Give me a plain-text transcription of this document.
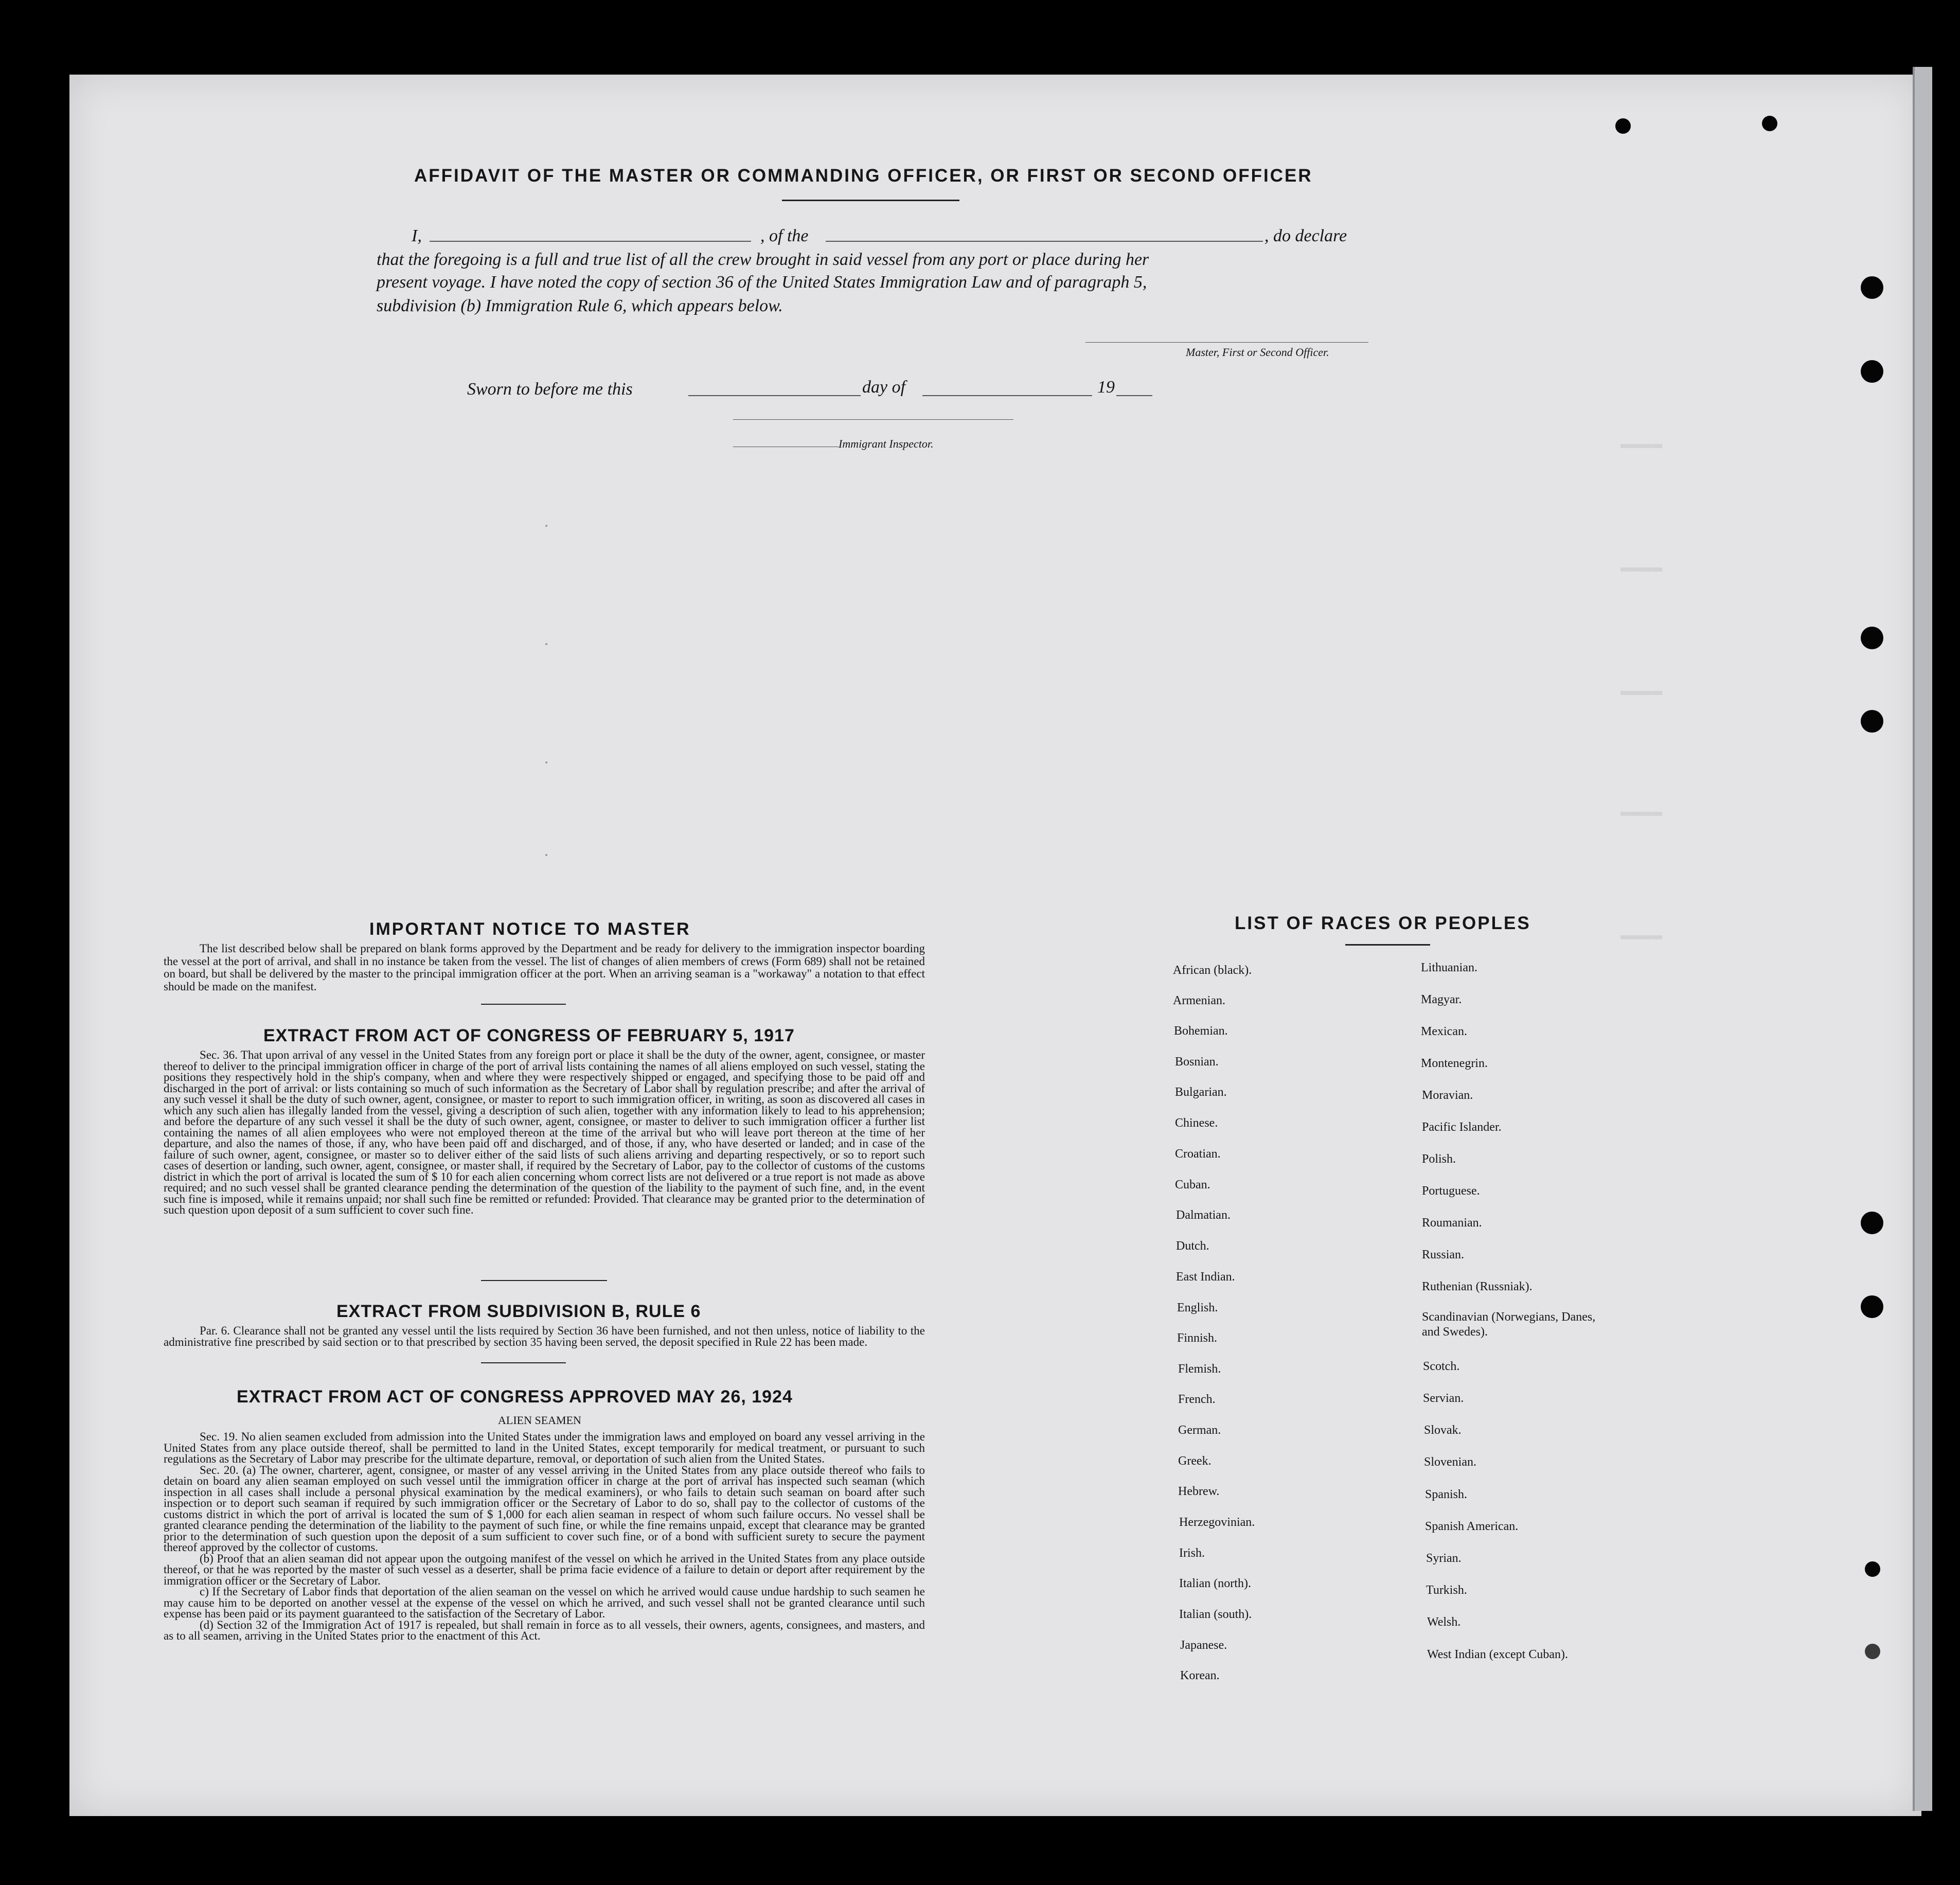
▬▬▬▬
▬▬▬▬
▬▬▬▬
▬▬▬▬
▬▬▬▬
AFFIDAVIT OF THE MASTER OR COMMANDING OFFICER, OR FIRST OR SECOND OFFICER
I,	, of the	, do declare
that the foregoing is a full and true list of all the crew brought in said vessel from any port or place during her
present voyage. I have noted the copy of section 36 of the United States Immigration Law and of paragraph 5,
subdivision (b) Immigration Rule 6, which appears below.
Master, First or Second Officer.
Sworn to before me this	day of	19
Immigrant Inspector.
IMPORTANT NOTICE TO MASTER

The list described below shall be prepared on blank forms approved by the Department and be ready for delivery to the immigration inspector boarding the vessel at the port of arrival, and shall in no instance be taken from the vessel. The list of changes of alien members of crews (Form 689) shall not be retained on board, but shall be delivered by the master to the principal immigration officer at the port. When an arriving seaman is a "workaway" a notation to that effect should be made on the manifest.

EXTRACT FROM ACT OF CONGRESS OF FEBRUARY 5, 1917

Sec. 36. That upon arrival of any vessel in the United States from any foreign port or place it shall be the duty of the owner, agent, consignee, or master thereof to deliver to the principal immigration officer in charge of the port of arrival lists containing the names of all aliens employed on such vessel, stating the positions they respectively hold in the ship's company, when and where they were respectively shipped or engaged, and specifying those to be paid off and discharged in the port of arrival: or lists containing so much of such information as the Secretary of Labor shall by regulation prescribe; and after the arrival of any such vessel it shall be the duty of such owner, agent, consignee, or master to report to such immigration officer, in writing, as soon as discovered all cases in which any such alien has illegally landed from the vessel, giving a description of such alien, together with any information likely to lead to his apprehension; and before the departure of any such vessel it shall be the duty of such owner, agent, consignee, or master to deliver to such immigration officer a further list containing the names of all alien employees who were not employed thereon at the time of the arrival but who will leave port thereon at the time of her departure, and also the names of those, if any, who have been paid off and discharged, and of those, if any, who have deserted or landed; and in case of the failure of such owner, agent, consignee, or master so to deliver either of the said lists of such aliens arriving and departing respectively, or so to report such cases of desertion or landing, such owner, agent, consignee, or master shall, if required by the Secretary of Labor, pay to the collector of customs of the customs district in which the port of arrival is located the sum of $ 10 for each alien concerning whom correct lists are not delivered or a true report is not made as above required; and no such vessel shall be granted clearance pending the determination of the question of the liability to the payment of such fine, and, in the event such fine is imposed, while it remains unpaid; nor shall such fine be remitted or refunded: Provided. That clearance may be granted prior to the determination of such question upon deposit of a sum sufficient to cover such fine.

EXTRACT FROM SUBDIVISION B, RULE 6

Par. 6. Clearance shall not be granted any vessel until the lists required by Section 36 have been furnished, and not then unless, notice of liability to the administrative fine prescribed by said section or to that prescribed by section 35 having been served, the deposit specified in Rule 22 has been made.

EXTRACT FROM ACT OF CONGRESS APPROVED MAY 26, 1924
ALIEN SEAMEN

Sec. 19. No alien seamen excluded from admission into the United States under the immigration laws and employed on board any vessel arriving in the United States from any place outside thereof, shall be permitted to land in the United States, except temporarily for medical treatment, or pursuant to such regulations as the Secretary of Labor may prescribe for the ultimate departure, removal, or deportation of such alien from the United States.

Sec. 20. (a) The owner, charterer, agent, consignee, or master of any vessel arriving in the United States from any place outside thereof who fails to detain on board any alien seaman employed on such vessel until the immigration officer in charge at the port of arrival has inspected such seaman (which inspection in all cases shall include a personal physical examination by the medical examiners), or who fails to detain such seaman on board after such inspection or to deport such seaman if required by such immigration officer or the Secretary of Labor to do so, shall pay to the collector of customs of the customs district in which the port of arrival is located the sum of $ 1,000 for each alien seaman in respect of whom such failure occurs. No vessel shall be granted clearance pending the determination of the liability to the payment of such fine, or while the fine remains unpaid, except that clearance may be granted prior to the determination of such question upon the deposit of a sum sufficient to cover such fine, or of a bond with sufficient surety to secure the payment thereof approved by the collector of customs.

(b) Proof that an alien seaman did not appear upon the outgoing manifest of the vessel on which he arrived in the United States from any place outside thereof, or that he was reported by the master of such vessel as a deserter, shall be prima facie evidence of a failure to detain or deport after requirement by the immigration officer or the Secretary of Labor.

c) If the Secretary of Labor finds that deportation of the alien seaman on the vessel on which he arrived would cause undue hardship to such seamen he may cause him to be deported on another vessel at the expense of the vessel on which he arrived, and such vessel shall not be granted clearance until such expense has been paid or its payment guaranteed to the satisfaction of the Secretary of Labor.

(d) Section 32 of the Immigration Act of 1917 is repealed, but shall remain in force as to all vessels, their owners, agents, consignees, and masters, and as to all seamen, arriving in the United States prior to the enactment of this Act.

LIST OF RACES OR PEOPLES
African (black).
Armenian.
Bohemian.
Bosnian.
Bulgarian.
Chinese.
Croatian.
Cuban.
Dalmatian.
Dutch.
East Indian.
English.
Finnish.
Flemish.
French.
German.
Greek.
Hebrew.
Herzegovinian.
Irish.
Italian (north).
Italian (south).
Japanese.
Korean.
Lithuanian.
Magyar.
Mexican.
Montenegrin.
Moravian.
Pacific Islander.
Polish.
Portuguese.
Roumanian.
Russian.
Ruthenian (Russniak).
Scandinavian (Norwegians, Danes, and Swedes).
Scotch.
Servian.
Slovak.
Slovenian.
Spanish.
Spanish American.
Syrian.
Turkish.
Welsh.
West Indian (except Cuban).
